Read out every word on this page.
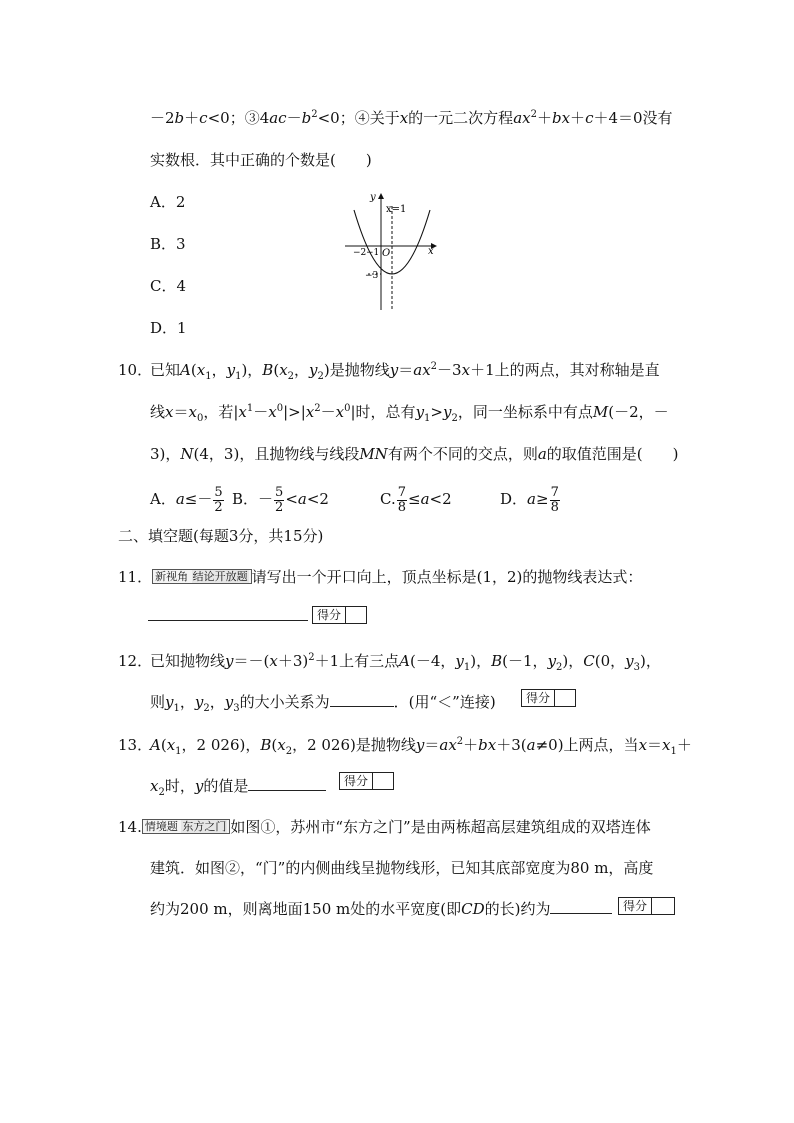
－2b＋c<0；$③4ac-b^2<0$；④关于x的一元二次方程$ax^2+bx+c+4=0$没有
实数根．其中正确的个数是(　　)
A．2
B．3
C．4
D．1
y
x
x=1
O
−2 −1
−3
10．
已知$A(x_1$，$y_1$)，$B(x_2$，$y_2$)是抛物线$y=ax^2-3x+1$上的两点，其对称轴是直
线$x=x_0$，若$|x^1-x^0|>|x^2-x^0|$时，总有$y_1>y_2$，同一坐标系中有点M(－2，－
3)，N(4，3)，且抛物线与线段MN有两个不同的交点，则a的取值范围是(　　)
A．$a\le- \frac{5}{2}$ B．－ $\frac{5}{2} <a<2$	C. $\frac{7}{8} \le a<2$	D．$a\ge \frac{7}{8}$
二、填空题(每题3分，共15分)
11． 新视角 结论开放题 请写出一个开口向上，顶点坐标是(1，2)的抛物线表达式：
得分
12．
已知抛物线$y=-(x+3)^2+1$上有三点A(－4，$y_1$)，B(－1，$y_2$)，C(0，$y_3$)，
则$y_1$，$y_2$，$y_3$的大小关系为	．(用“＜”连接)	得分
13．
$A(x_1$，2 026)，$B(x_2$，2 026)是抛物线$y=ax^2+bx+3(a\ne 0)$上两点，当$x=x_1+$
$x_2$时，y的值是	得分
14. 情境题 东方之门 如图①，苏州市“东方之门”是由两栋超高层建筑组成的双塔连体
建筑．如图②，“门”的内侧曲线呈抛物线形，已知其底部宽度为80 m，高度
约为200 m，则离地面150 m处的水平宽度(即CD的长)约为	得分
